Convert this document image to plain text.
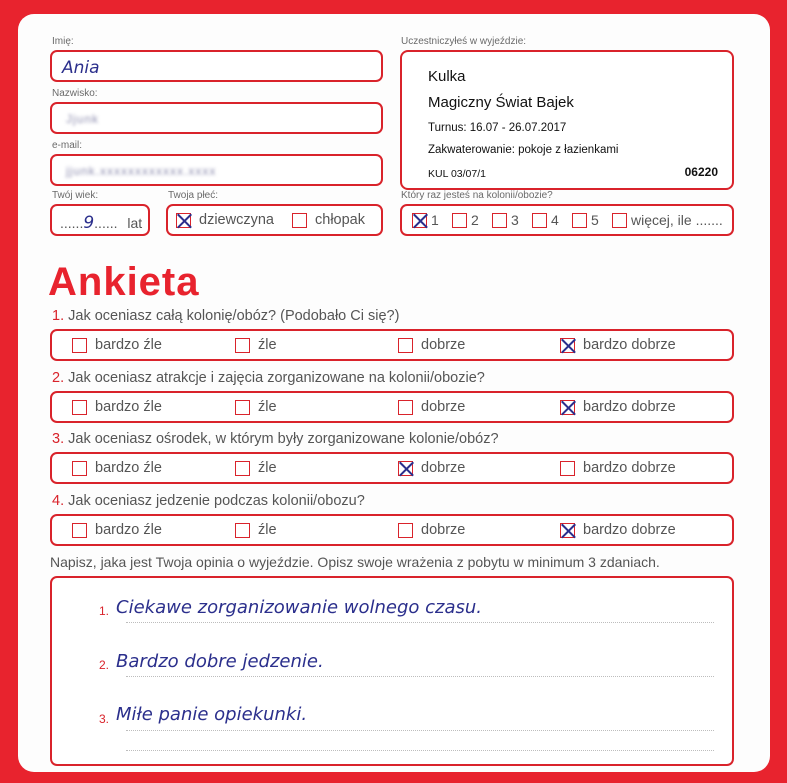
Imię:
Ania
Nazwisko:
Jjunk
e-mail:
jjunk.xxxxxxxxxxxx.xxxx
Twój wiek:
......9...... lat
Twoja płeć:
dziewczyna	chłopak
Uczestniczyłeś w wyjeździe:
Kulka
Magiczny Świat Bajek
Turnus: 16.07 - 26.07.2017
Zakwaterowanie: pokoje z łazienkami
KUL 03/07/1	06220
Który raz jesteś na kolonii/obozie?
1 2 3 4 5 więcej, ile .......
Ankieta
1. Jak oceniasz całą kolonię/obóz? (Podobało Ci się?)
bardzo źle	źle	dobrze	bardzo dobrze
2. Jak oceniasz atrakcje i zajęcia zorganizowane na kolonii/obozie?
bardzo źle	źle	dobrze	bardzo dobrze
3. Jak oceniasz ośrodek, w którym były zorganizowane kolonie/obóz?
bardzo źle	źle	dobrze	bardzo dobrze
4. Jak oceniasz jedzenie podczas kolonii/obozu?
bardzo źle	źle	dobrze	bardzo dobrze
Napisz, jaka jest Twoja opinia o wyjeździe. Opisz swoje wrażenia z pobytu w minimum 3 zdaniach.
1. Ciekawe zorganizowanie wolnego czasu.
2. Bardzo dobre jedzenie.
3. Miłe panie opiekunki.
